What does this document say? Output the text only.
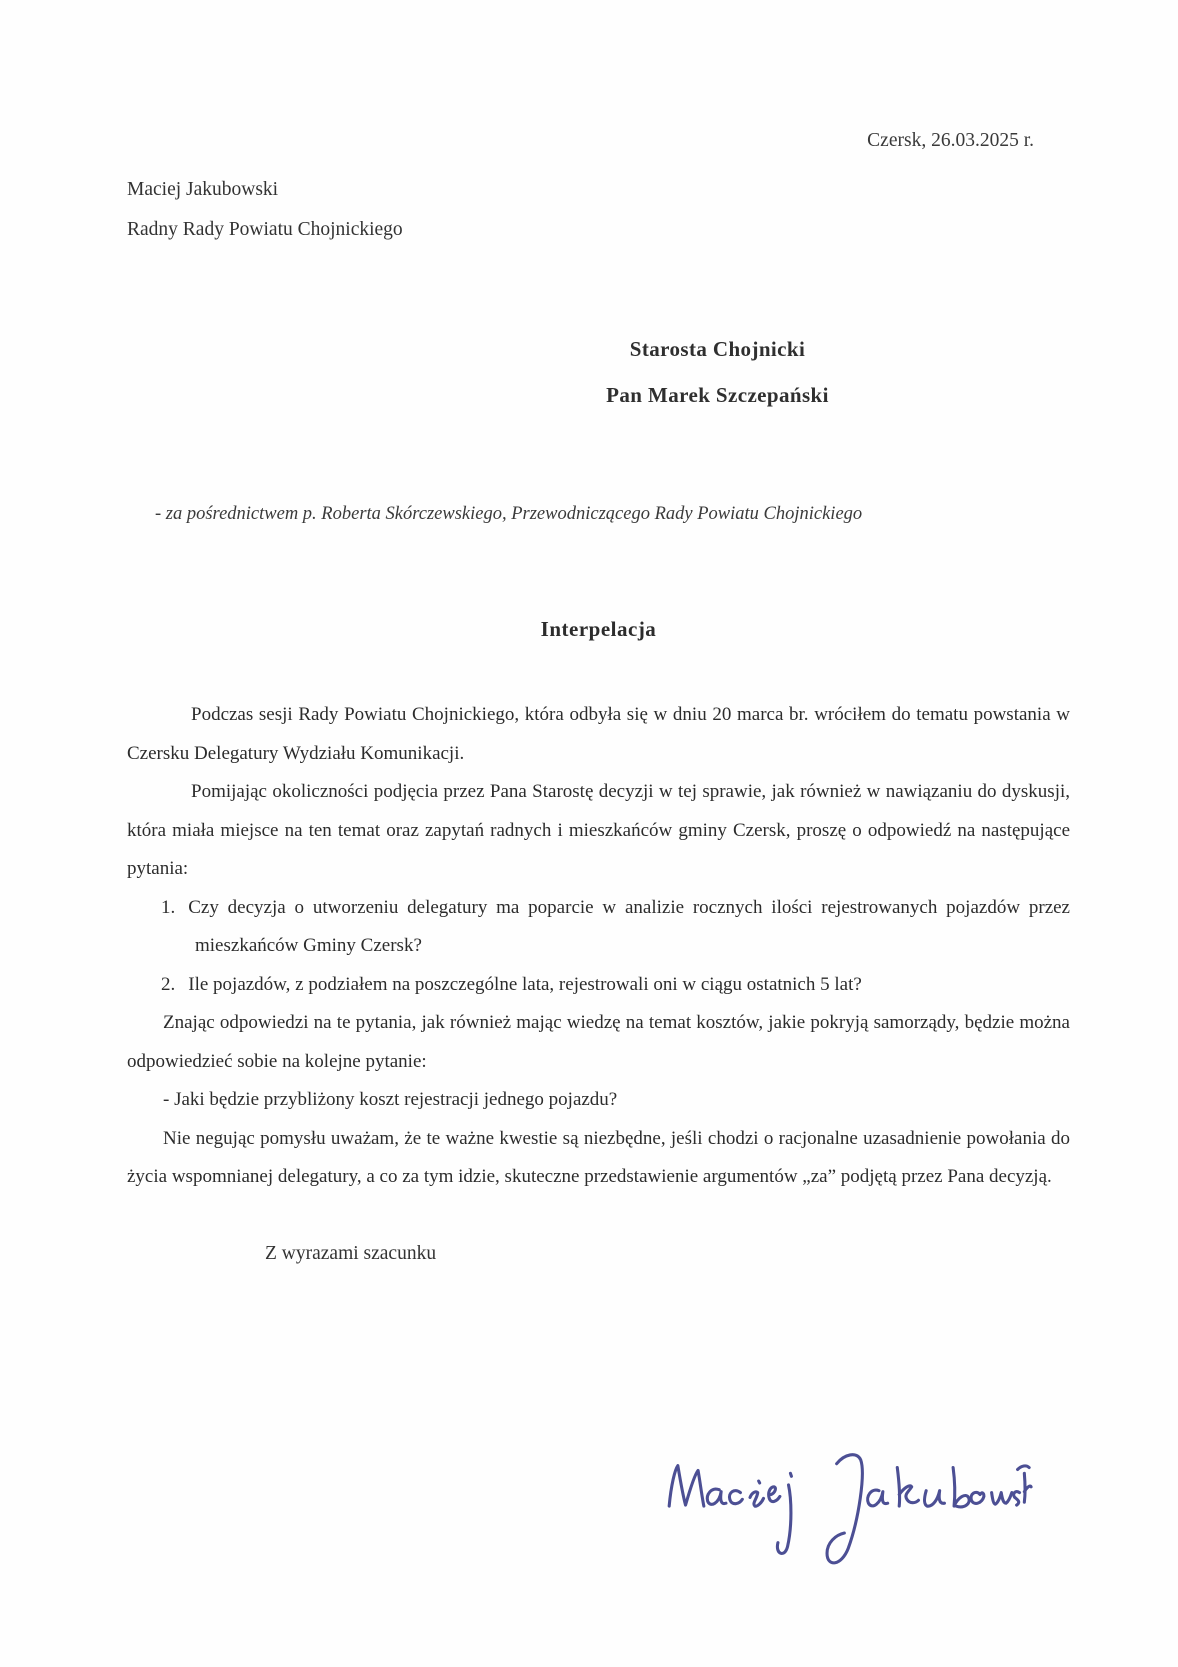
Czersk, 26.03.2025 r.
Maciej Jakubowski
Radny Rady Powiatu Chojnickiego
Starosta Chojnicki
Pan Marek Szczepański
- za pośrednictwem p. Roberta Skórczewskiego, Przewodniczącego Rady Powiatu Chojnickiego
Interpelacja

Podczas sesji Rady Powiatu Chojnickiego, która odbyła się w dniu 20 marca br. wróciłem do tematu powstania w Czersku Delegatury Wydziału Komunikacji.

Pomijając okoliczności podjęcia przez Pana Starostę decyzji w tej sprawie, jak również w nawiązaniu do dyskusji, która miała miejsce na ten temat oraz zapytań radnych i mieszkańców gminy Czersk, proszę o odpowiedź na następujące pytania:

1. Czy decyzja o utworzeniu delegatury ma poparcie w analizie rocznych ilości rejestrowanych pojazdów przez mieszkańców Gminy Czersk?
2. Ile pojazdów, z podziałem na poszczególne lata, rejestrowali oni w ciągu ostatnich 5 lat?

Znając odpowiedzi na te pytania, jak również mając wiedzę na temat kosztów, jakie pokryją samorządy, będzie można odpowiedzieć sobie na kolejne pytanie:

- Jaki będzie przybliżony koszt rejestracji jednego pojazdu?

Nie negując pomysłu uważam, że te ważne kwestie są niezbędne, jeśli chodzi o racjonalne uzasadnienie powołania do życia wspomnianej delegatury, a co za tym idzie, skuteczne przedstawienie argumentów „za” podjętą przez Pana decyzją.

Z wyrazami szacunku
